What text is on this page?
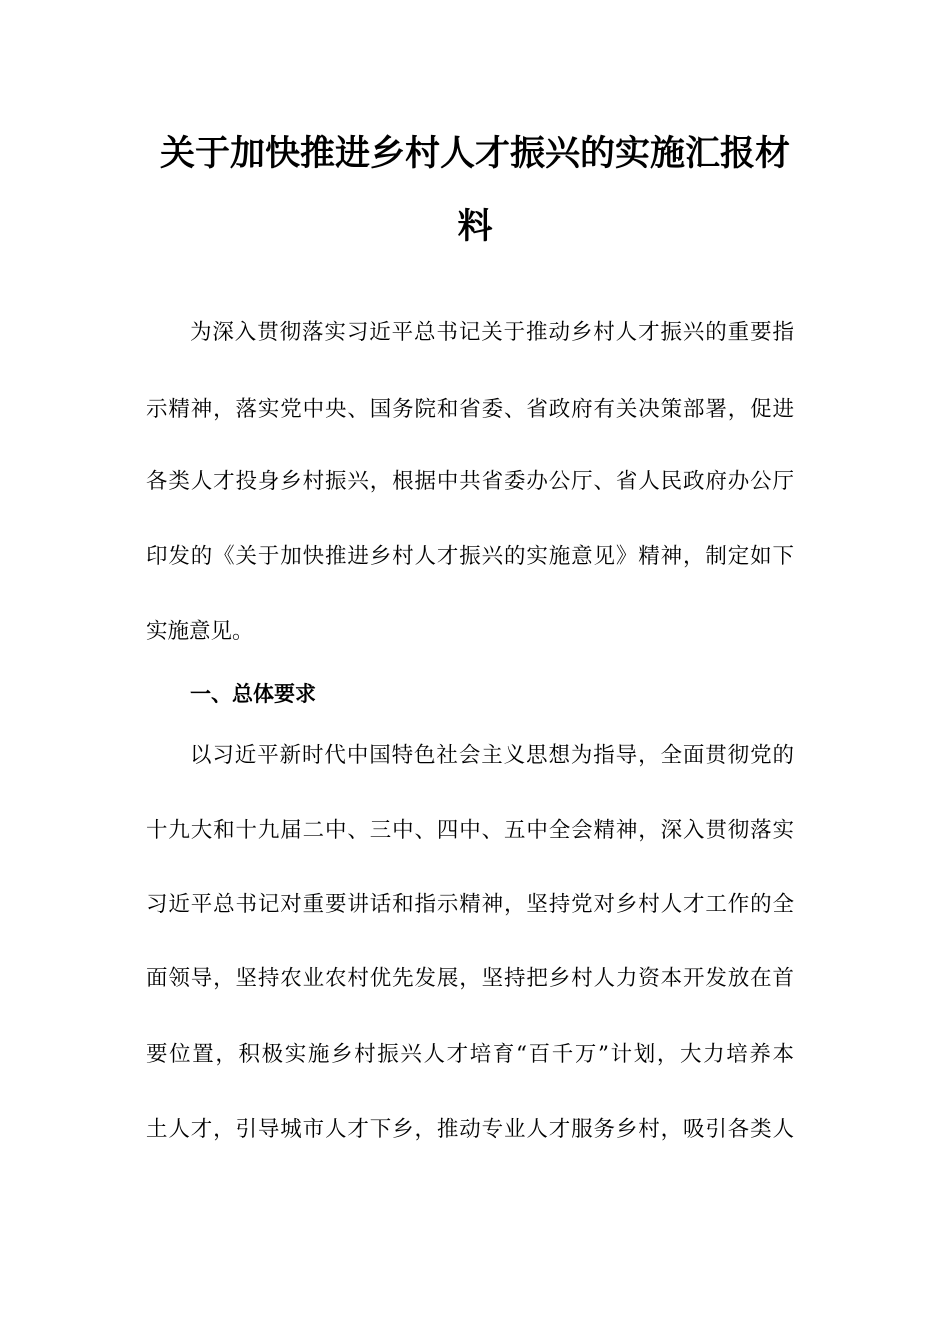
关于加快推进乡村人才振兴的实施汇报材
料

为深入贯彻落实习近平总书记关于推动乡村人才振兴的重要指

示精神，落实党中央、国务院和省委、省政府有关决策部署，促进

各类人才投身乡村振兴，根据中共省委办公厅、省人民政府办公厅

印发的《关于加快推进乡村人才振兴的实施意见》精神，制定如下

实施意见。

一、总体要求

以习近平新时代中国特色社会主义思想为指导，全面贯彻党的

十九大和十九届二中、三中、四中、五中全会精神，深入贯彻落实

习近平总书记对重要讲话和指示精神，坚持党对乡村人才工作的全

面领导，坚持农业农村优先发展，坚持把乡村人力资本开发放在首

要位置，积极实施乡村振兴人才培育“百千万”计划，大力培养本

土人才，引导城市人才下乡，推动专业人才服务乡村，吸引各类人
